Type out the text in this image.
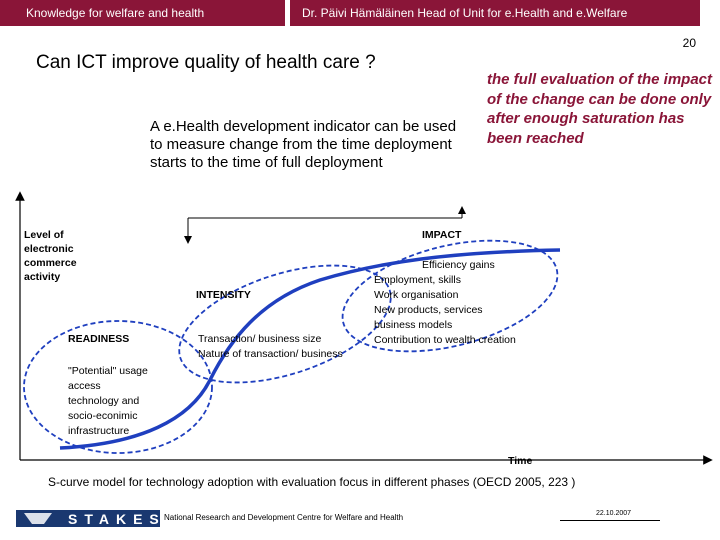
Knowledge for welfare and health	Dr. Päivi Hämäläinen Head of Unit for e.Health and e.Welfare
20
Can ICT improve quality of health care ?
A e.Health development indicator can be used to measure change from the time deployment starts to the time of full deployment
the full evaluation of the impact of the change can be done only after enough saturation has been reached
Level of electronic commerce activity
Time
READINESS
"Potential" usage access technology and socio-econimic infrastructure
INTENSITY
Transaction/ business size Nature of transaction/ business
IMPACT
Efficiency gains Employment, skills Work organisation New products, services business models Contribution to wealth creation
S-curve model for technology adoption with evaluation focus in different phases (OECD 2005, 223 )
STAKES
National Research and Development Centre for Welfare and Health	22.10.2007
